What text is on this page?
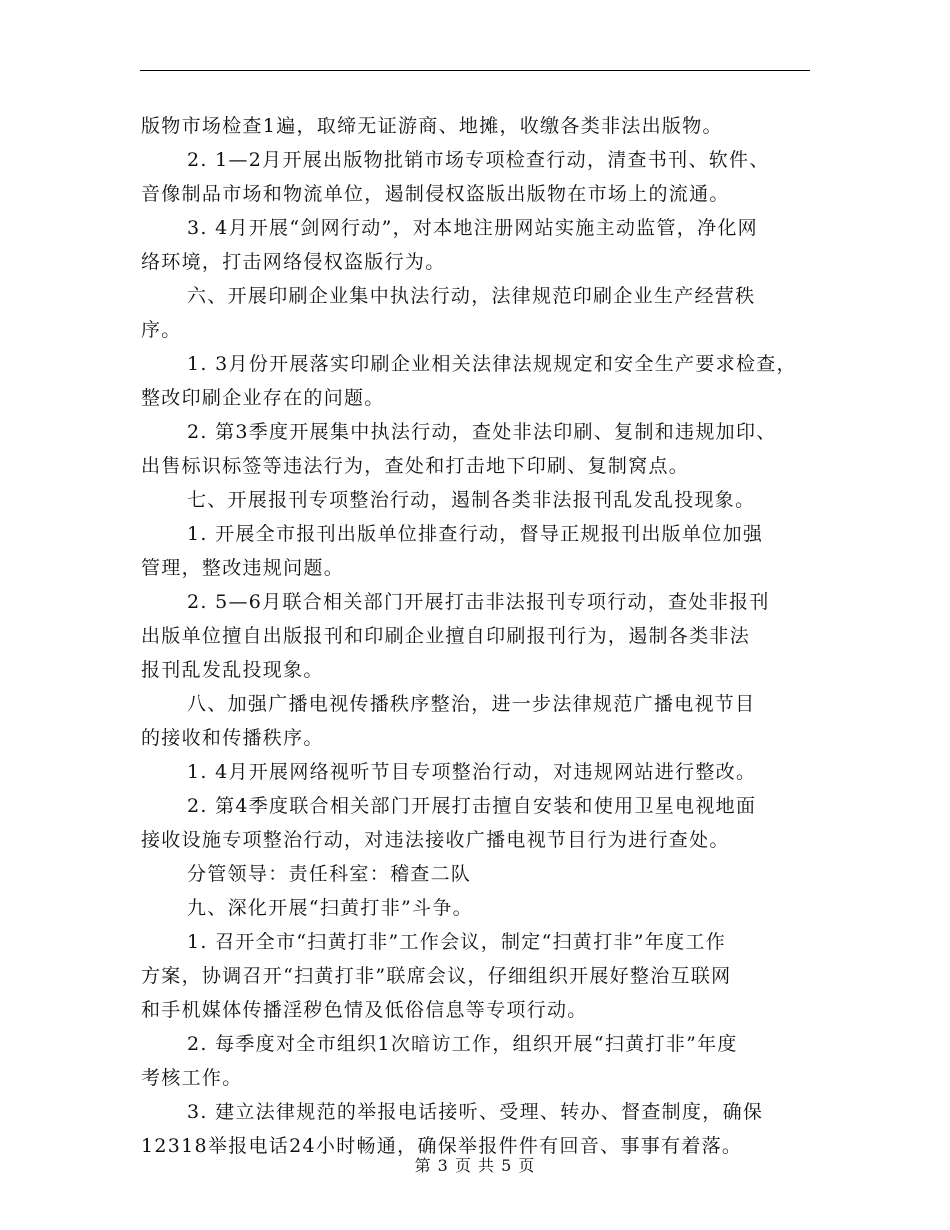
版物市场检查1遍，取缔无证游商、地摊，收缴各类非法出版物。

2. 1—2月开展出版物批销市场专项检查行动，清查书刊、软件、

音像制品市场和物流单位，遏制侵权盗版出版物在市场上的流通。

3. 4月开展“剑网行动”，对本地注册网站实施主动监管，净化网

络环境，打击网络侵权盗版行为。

六、开展印刷企业集中执法行动，法律规范印刷企业生产经营秩

序。

1. 3月份开展落实印刷企业相关法律法规规定和安全生产要求检查，

整改印刷企业存在的问题。

2. 第3季度开展集中执法行动，查处非法印刷、复制和违规加印、

出售标识标签等违法行为，查处和打击地下印刷、复制窝点。

七、开展报刊专项整治行动，遏制各类非法报刊乱发乱投现象。

1. 开展全市报刊出版单位排查行动，督导正规报刊出版单位加强

管理，整改违规问题。

2. 5—6月联合相关部门开展打击非法报刊专项行动，查处非报刊

出版单位擅自出版报刊和印刷企业擅自印刷报刊行为，遏制各类非法

报刊乱发乱投现象。

八、加强广播电视传播秩序整治，进一步法律规范广播电视节目

的接收和传播秩序。

1. 4月开展网络视听节目专项整治行动，对违规网站进行整改。

2. 第4季度联合相关部门开展打击擅自安装和使用卫星电视地面

接收设施专项整治行动，对违法接收广播电视节目行为进行查处。

分管领导：责任科室：稽查二队

九、深化开展“扫黄打非”斗争。

1. 召开全市“扫黄打非”工作会议，制定“扫黄打非”年度工作

方案，协调召开“扫黄打非”联席会议，仔细组织开展好整治互联网

和手机媒体传播淫秽色情及低俗信息等专项行动。

2. 每季度对全市组织1次暗访工作，组织开展“扫黄打非”年度

考核工作。

3. 建立法律规范的举报电话接听、受理、转办、督查制度，确保

12318举报电话24小时畅通，确保举报件件有回音、事事有着落。

第 3 页 共 5 页
